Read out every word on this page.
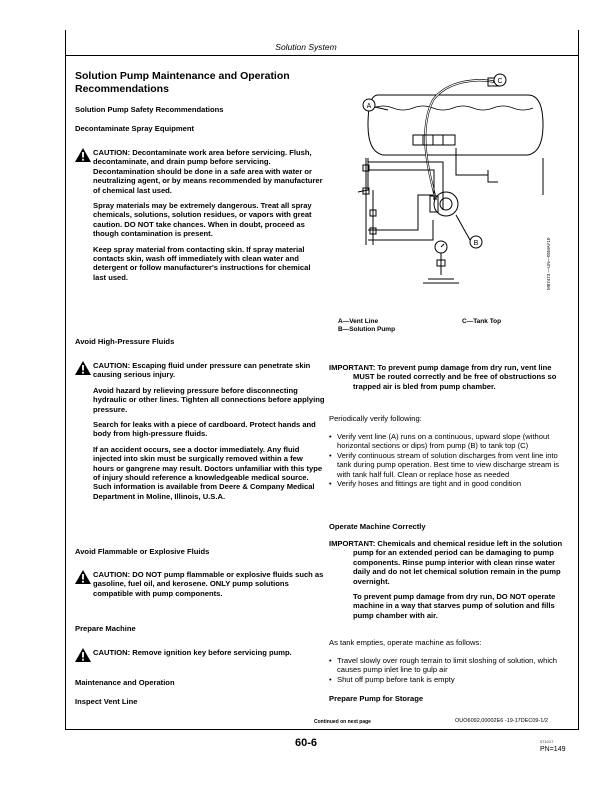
Solution System
Solution Pump Maintenance and Operation Recommendations
Solution Pump Safety Recommendations
Decontaminate Spray Equipment

CAUTION: Decontaminate work area before servicing. Flush, decontaminate, and drain pump before servicing. Decontamination should be done in a safe area with water or neutralizing agent, or by means recommended by manufacturer of chemical last used.

Spray materials may be extremely dangerous. Treat all spray chemicals, solutions, solution residues, or vapors with great caution. DO NOT take chances. When in doubt, proceed as though contamination is present.

Keep spray material from contacting skin. If spray material contacts skin, wash off immediately with clean water and detergent or follow manufacturer's instructions for chemical last used.

Avoid High-Pressure Fluids

CAUTION: Escaping fluid under pressure can penetrate skin causing serious injury.

Avoid hazard by relieving pressure before disconnecting hydraulic or other lines. Tighten all connections before applying pressure.

Search for leaks with a piece of cardboard. Protect hands and body from high-pressure fluids.

If an accident occurs, see a doctor immediately. Any fluid injected into skin must be surgically removed within a few hours or gangrene may result. Doctors unfamiliar with this type of injury should reference a knowledgeable medical source. Such information is available from Deere & Company Medical Department in Moline, Illinois, U.S.A.

Avoid Flammable or Explosive Fluids

CAUTION: DO NOT pump flammable or explosive fluids such as gasoline, fuel oil, and kerosene. ONLY pump solutions compatible with pump components.

Prepare Machine

CAUTION: Remove ignition key before servicing pump.

Maintenance and Operation
Inspect Vent Line
A
C
B	M87473 —UN—05MAY10
A—Vent Line
B—Solution Pump
C—Tank Top

IMPORTANT: To prevent pump damage from dry run, vent line MUST be routed correctly and be free of obstructions so trapped air is bled from pump chamber.

Periodically verify following:
• Verify vent line (A) runs on a continuous, upward slope (without horizontal sections or dips) from pump (B) to tank top (C)
• Verify continuous stream of solution discharges from vent line into tank during pump operation. Best time to view discharge stream is with tank half full. Clean or replace hose as needed
• Verify hoses and fittings are tight and in good condition
Operate Machine Correctly

IMPORTANT: Chemicals and chemical residue left in the solution pump for an extended period can be damaging to pump components. Rinse pump interior with clean rinse water daily and do not let chemical solution remain in the pump overnight.

To prevent pump damage from dry run, DO NOT operate machine in a way that starves pump of solution and fills pump chamber with air.

As tank empties, operate machine as follows:
• Travel slowly over rough terrain to limit sloshing of solution, which causes pump inlet line to gulp air
• Shut off pump before tank is empty
Prepare Pump for Storage
Continued on next page	OUO6092,00002E6 -19-17DEC09-1/2
60-6	071017
PN=149
